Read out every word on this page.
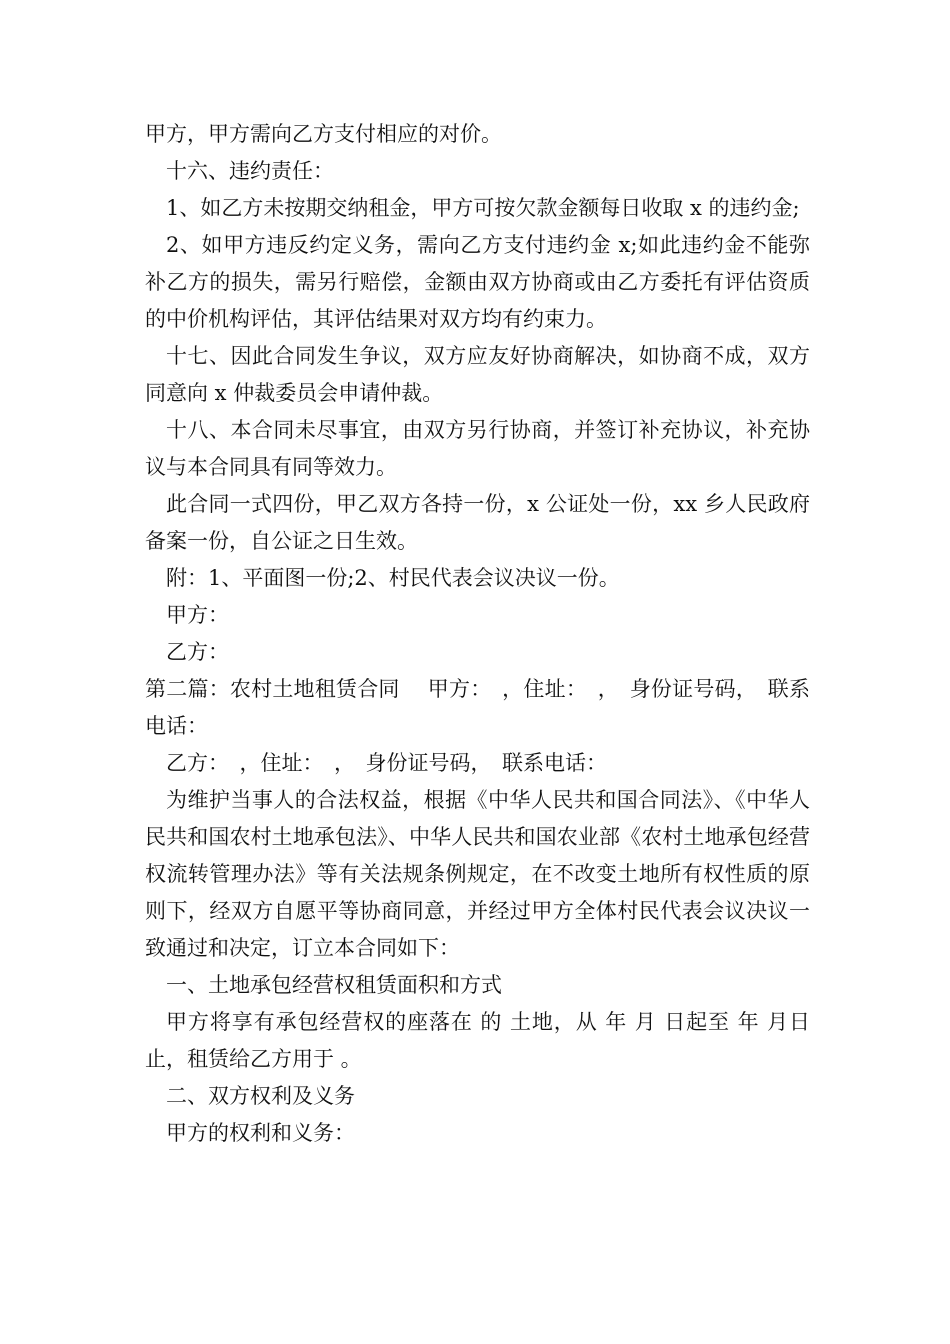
甲方，甲方需向乙方支付相应的对价。

十六、违约责任：

1、如乙方未按期交纳租金，甲方可按欠款金额每日收取 x 的违约金;

2、如甲方违反约定义务，需向乙方支付违约金 x;如此违约金不能弥补乙方的损失，需另行赔偿，金额由双方协商或由乙方委托有评估资质的中价机构评估，其评估结果对双方均有约束力。

十七、因此合同发生争议，双方应友好协商解决，如协商不成，双方同意向 x 仲裁委员会申请仲裁。

十八、本合同未尽事宜，由双方另行协商，并签订补充协议，补充协议与本合同具有同等效力。

此合同一式四份，甲乙双方各持一份，x 公证处一份，xx 乡人民政府备案一份，自公证之日生效。

附：1、平面图一份;2、村民代表会议决议一份。

甲方：

乙方：

第二篇：农村土地租赁合同　 甲方：　，住址：　，　身份证号码，　联系电话：

乙方：　，住址：　，　身份证号码，　联系电话：

为维护当事人的合法权益，根据《中华人民共和国合同法》、《中华人民共和国农村土地承包法》、中华人民共和国农业部《农村土地承包经营权流转管理办法》等有关法规条例规定，在不改变土地所有权性质的原则下，经双方自愿平等协商同意，并经过甲方全体村民代表会议决议一致通过和决定，订立本合同如下：

一、土地承包经营权租赁面积和方式

甲方将享有承包经营权的座落在 的 土地，从 年 月 日起至 年 月日止，租赁给乙方用于 。

二、双方权利及义务

甲方的权利和义务：
